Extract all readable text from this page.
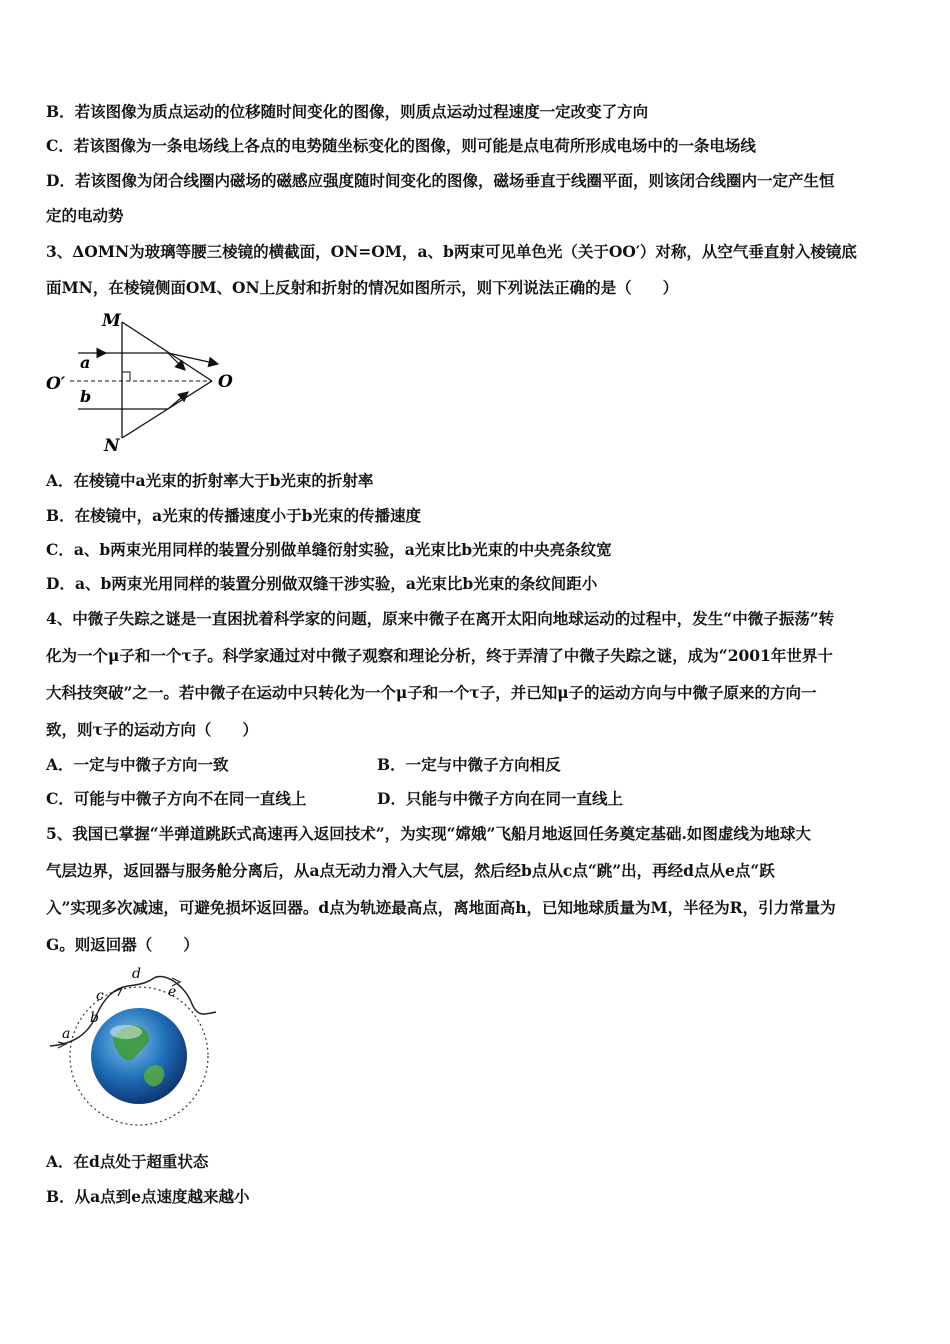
B．若该图像为质点运动的位移随时间变化的图像，则质点运动过程速度一定改变了方向
C．若该图像为一条电场线上各点的电势随坐标变化的图像，则可能是点电荷所形成电场中的一条电场线
D．若该图像为闭合线圈内磁场的磁感应强度随时间变化的图像，磁场垂直于线圈平面，则该闭合线圈内一定产生恒
定的电动势
3、ΔOMN为玻璃等腰三棱镜的横截面，ON=OM，a、b两束可见单色光（关于OO′）对称，从空气垂直射入棱镜底
面MN，在棱镜侧面OM、ON上反射和折射的情况如图所示，则下列说法正确的是（　　）
M
N
O
O′
a
b
A．在棱镜中a光束的折射率大于b光束的折射率
B．在棱镜中，a光束的传播速度小于b光束的传播速度
C．a、b两束光用同样的装置分别做单缝衍射实验，a光束比b光束的中央亮条纹宽
D．a、b两束光用同样的装置分别做双缝干涉实验，a光束比b光束的条纹间距小
4、中微子失踪之谜是一直困扰着科学家的问题，原来中微子在离开太阳向地球运动的过程中，发生“中微子振荡”转
化为一个μ子和一个τ子。科学家通过对中微子观察和理论分析，终于弄清了中微子失踪之谜，成为“2001年世界十
大科技突破”之一。若中微子在运动中只转化为一个μ子和一个τ子，并已知μ子的运动方向与中微子原来的方向一
致，则τ子的运动方向（　　）
A．一定与中微子方向一致	B．一定与中微子方向相反
C．可能与中微子方向不在同一直线上	D．只能与中微子方向在同一直线上
5、我国已掌握“半弹道跳跃式高速再入返回技术”，为实现“嫦娥”飞船月地返回任务奠定基础.如图虚线为地球大
气层边界，返回器与服务舱分离后，从a点无动力滑入大气层，然后经b点从c点“跳”出，再经d点从e点“跃
入”实现多次减速，可避免损坏返回器。d点为轨迹最高点，离地面高h，已知地球质量为M，半径为R，引力常量为
G。则返回器（　　）
a
b
c
d
e
A．在d点处于超重状态
B．从a点到e点速度越来越小
